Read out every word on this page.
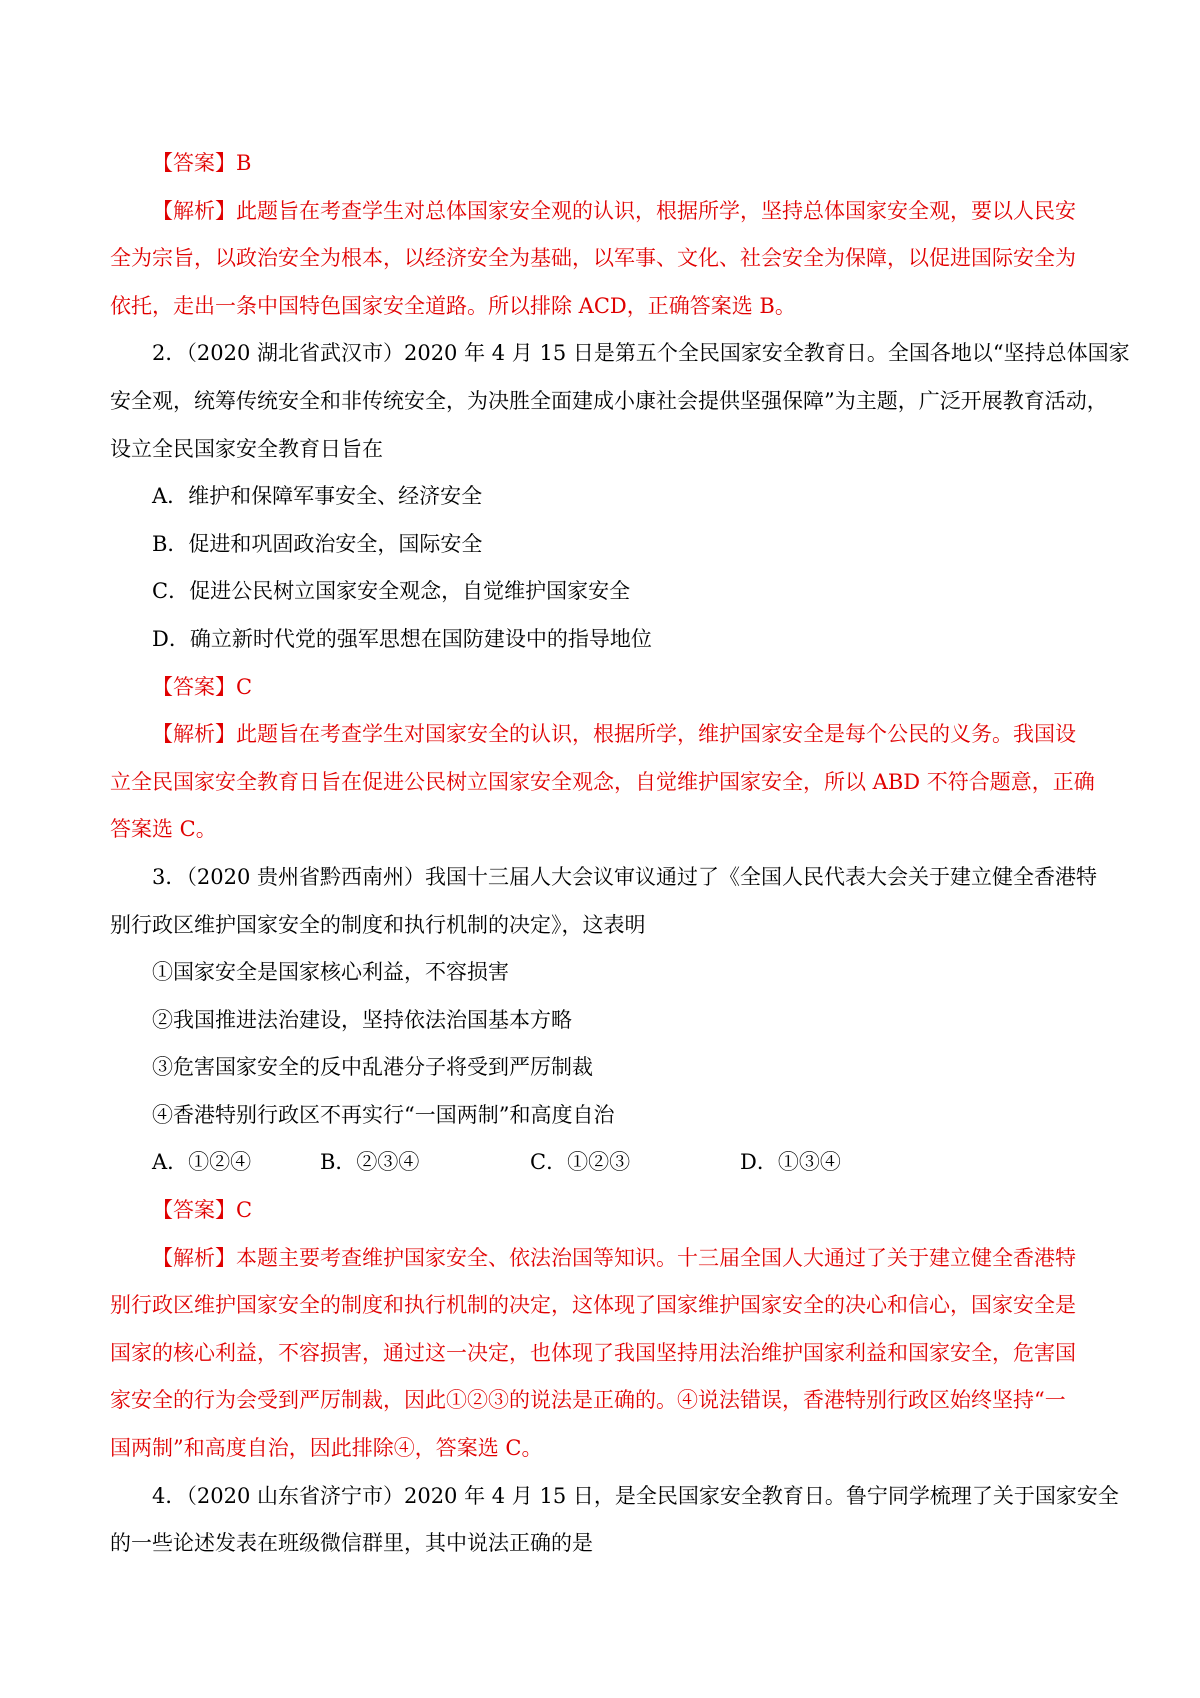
【答案】B
【解析】此题旨在考查学生对总体国家安全观的认识，根据所学，坚持总体国家安全观，要以人民安
全为宗旨，以政治安全为根本，以经济安全为基础，以军事、文化、社会安全为保障，以促进国际安全为
依托，走出一条中国特色国家安全道路。所以排除 ACD，正确答案选 B。
2．（2020 湖北省武汉市）2020 年 4 月 15 日是第五个全民国家安全教育日。全国各地以“坚持总体国家
安全观，统筹传统安全和非传统安全，为决胜全面建成小康社会提供坚强保障”为主题，广泛开展教育活动，
设立全民国家安全教育日旨在
A．维护和保障军事安全、经济安全
B．促进和巩固政治安全，国际安全
C．促进公民树立国家安全观念，自觉维护国家安全
D．确立新时代党的强军思想在国防建设中的指导地位
【答案】C
【解析】此题旨在考查学生对国家安全的认识，根据所学，维护国家安全是每个公民的义务。我国设
立全民国家安全教育日旨在促进公民树立国家安全观念，自觉维护国家安全，所以 ABD 不符合题意，正确
答案选 C。
3．（2020 贵州省黔西南州）我国十三届人大会议审议通过了《全国人民代表大会关于建立健全香港特
别行政区维护国家安全的制度和执行机制的决定》，这表明
①国家安全是国家核心利益，不容损害
②我国推进法治建设，坚持依法治国基本方略
③危害国家安全的反中乱港分子将受到严厉制裁
④香港特别行政区不再实行“一国两制”和高度自治
A．①②④	B．②③④	C．①②③	D．①③④
【答案】C
【解析】本题主要考查维护国家安全、依法治国等知识。十三届全国人大通过了关于建立健全香港特
别行政区维护国家安全的制度和执行机制的决定，这体现了国家维护国家安全的决心和信心，国家安全是
国家的核心利益，不容损害，通过这一决定，也体现了我国坚持用法治维护国家利益和国家安全，危害国
家安全的行为会受到严厉制裁，因此①②③的说法是正确的。④说法错误，香港特别行政区始终坚持“一
国两制”和高度自治，因此排除④，答案选 C。
4．（2020 山东省济宁市）2020 年 4 月 15 日，是全民国家安全教育日。鲁宁同学梳理了关于国家安全
的一些论述发表在班级微信群里，其中说法正确的是
